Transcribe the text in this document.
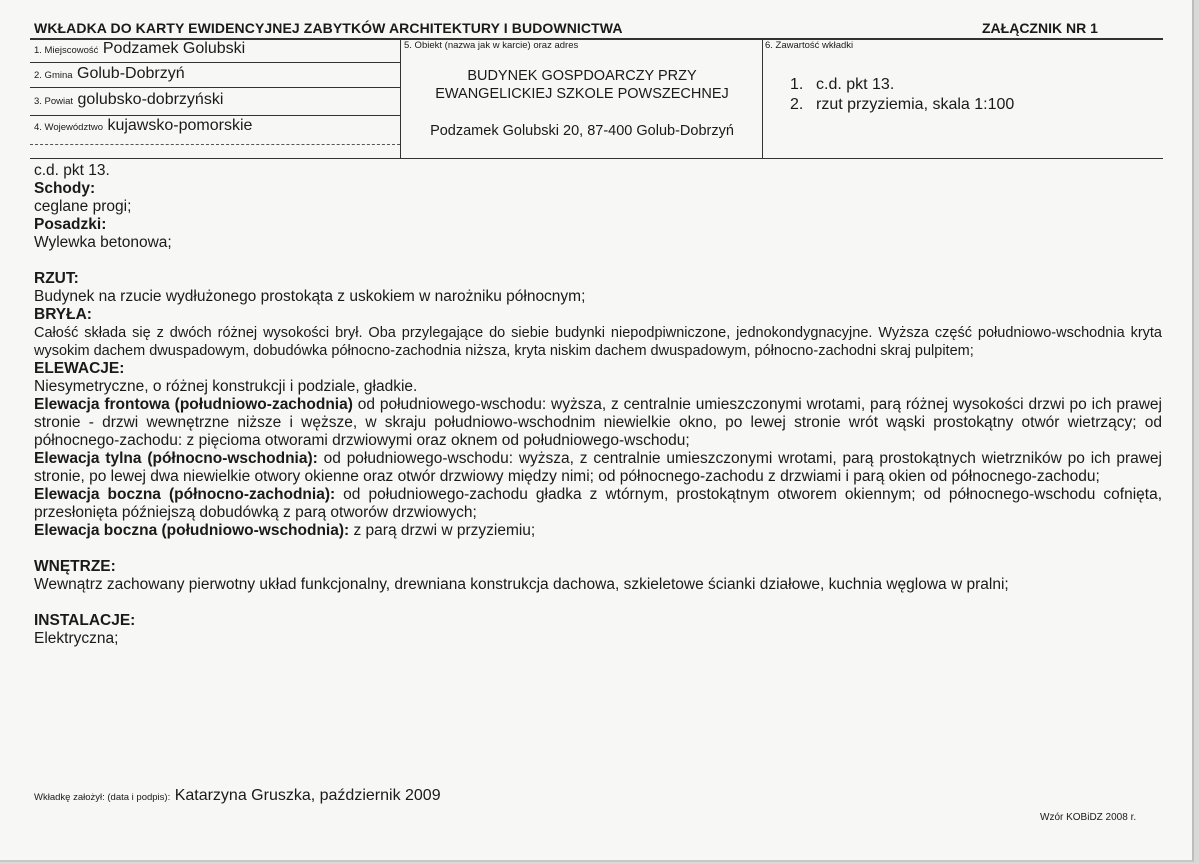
WKŁADKA DO KARTY EWIDENCYJNEJ ZABYTKÓW ARCHITEKTURY I BUDOWNICTWA	ZAŁĄCZNIK NR 1
1. Miejscowość Podzamek Golubski
2. Gmina Golub-Dobrzyń
3. Powiat golubsko-dobrzyński
4. Województwo kujawsko-pomorskie
5. Obiekt (nazwa jak w karcie) oraz adres
BUDYNEK GOSPDOARCZY PRZY
EWANGELICKIEJ SZKOLE POWSZECHNEJ
Podzamek Golubski 20, 87-400 Golub-Dobrzyń
6. Zawartość wkładki
1. c.d. pkt 13.
2. rzut przyziemia, skala 1:100

c.d. pkt 13.

Schody:

ceglane progi;

Posadzki:

Wylewka betonowa;

RZUT:

Budynek na rzucie wydłużonego prostokąta z uskokiem w narożniku północnym;

BRYŁA:

Całość składa się z dwóch różnej wysokości brył. Oba przylegające do siebie budynki niepodpiwniczone, jednokondygnacyjne. Wyższa część południowo-wschodnia kryta wysokim dachem dwuspadowym, dobudówka północno-zachodnia niższa, kryta niskim dachem dwuspadowym, północno-zachodni skraj pulpitem;

ELEWACJE:

Niesymetryczne, o różnej konstrukcji i podziale, gładkie.

Elewacja frontowa (południowo-zachodnia) od południowego-wschodu: wyższa, z centralnie umieszczonymi wrotami, parą różnej wysokości drzwi po ich prawej stronie - drzwi wewnętrzne niższe i węższe, w skraju południowo-wschodnim niewielkie okno, po lewej stronie wrót wąski prostokątny otwór wietrzący; od północnego-zachodu: z pięcioma otworami drzwiowymi oraz oknem od południowego-wschodu;

Elewacja tylna (północno-wschodnia): od południowego-wschodu: wyższa, z centralnie umieszczonymi wrotami, parą prostokątnych wietrzników po ich prawej stronie, po lewej dwa niewielkie otwory okienne oraz otwór drzwiowy między nimi; od północnego-zachodu z drzwiami i parą okien od północnego-zachodu;

Elewacja boczna (północno-zachodnia): od południowego-zachodu gładka z wtórnym, prostokątnym otworem okiennym; od północnego-wschodu cofnięta, przesłonięta późniejszą dobudówką z parą otworów drzwiowych;

Elewacja boczna (południowo-wschodnia): z parą drzwi w przyziemiu;

WNĘTRZE:

Wewnątrz zachowany pierwotny układ funkcjonalny, drewniana konstrukcja dachowa, szkieletowe ścianki działowe, kuchnia węglowa w pralni;

INSTALACJE:

Elektryczna;

Wkładkę założył: (data i podpis): Katarzyna Gruszka, październik 2009
Wzór KOBiDZ 2008 r.
